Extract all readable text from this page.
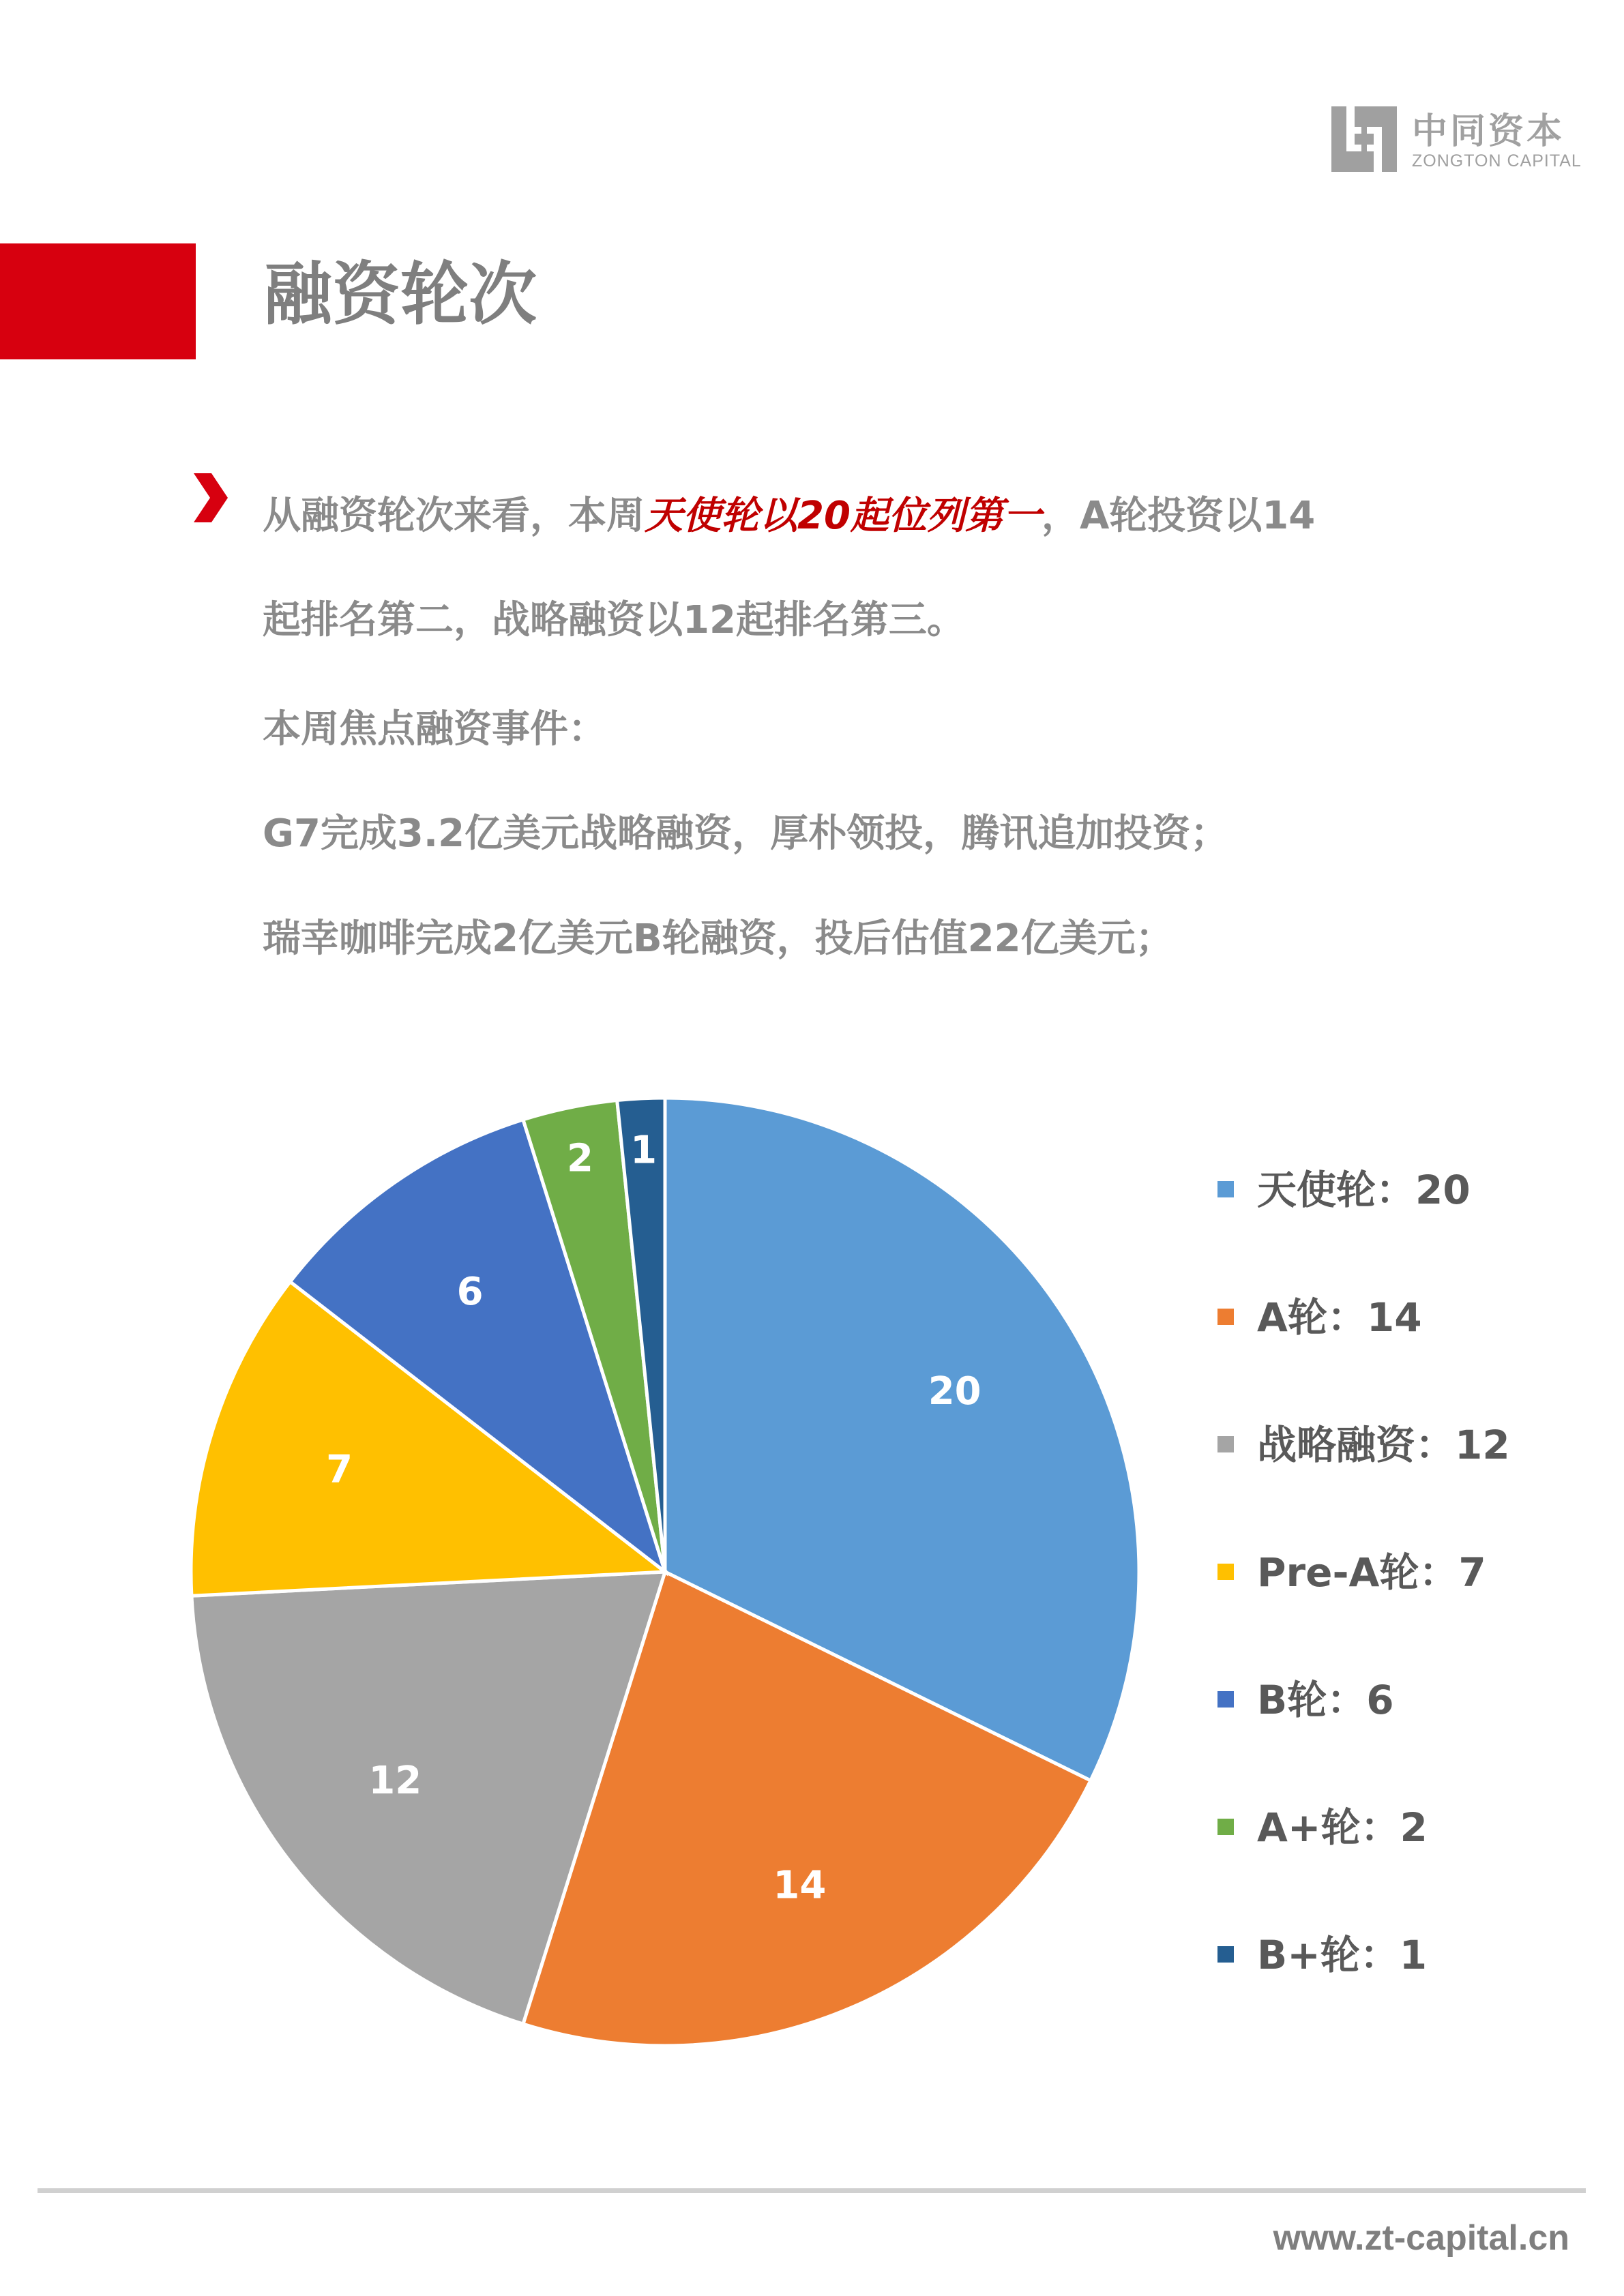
中同资本
ZONGTON CAPITAL
融资轮次
从融资轮次来看，本周天使轮以20起位列第一，A轮投资以14
起排名第二，战略融资以12起排名第三。
本周焦点融资事件：
G7完成3.2亿美元战略融资，厚朴领投，腾讯追加投资；
瑞幸咖啡完成2亿美元B轮融资，投后估值22亿美元；
20
14
12
7
6
2 1
天使轮：20
A轮：14
战略融资：12
Pre-A轮：7
B轮：6
A+轮：2
B+轮：1
www.zt-capital.cn
